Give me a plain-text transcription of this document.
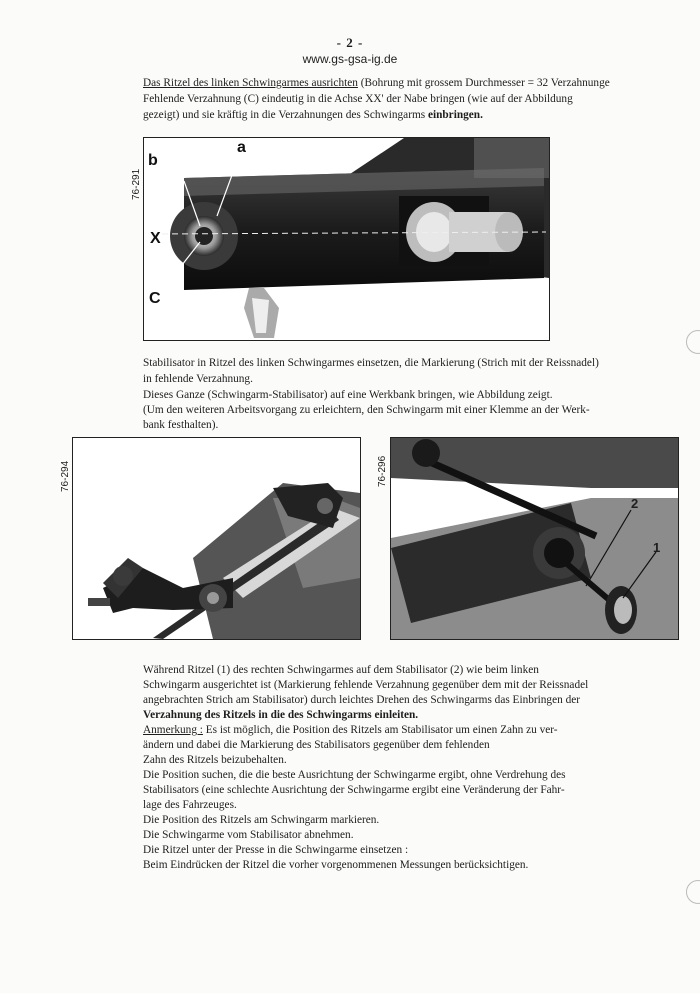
- 2 -
www.gs-gsa-ig.de
Das Ritzel des linken Schwingarmes ausrichten (Bohrung mit grossem Durchmesser = 32 Verzahnunge
Fehlende Verzahnung (C) eindeutig in die Achse XX' der Nabe bringen (wie auf der Abbildung
gezeigt) und sie kräftig in die Verzahnungen des Schwingarms einbringen.
76-291
b
a
X
C
Stabilisator in Ritzel des linken Schwingarmes einsetzen, die Markierung (Strich mit der Reissnadel)
in fehlende Verzahnung.
Dieses Ganze (Schwingarm-Stabilisator) auf eine Werkbank bringen, wie Abbildung zeigt.
(Um den weiteren Arbeitsvorgang zu erleichtern, den Schwingarm mit einer Klemme an der Werk-
bank festhalten).
76-294	76-296
2
1
Während Ritzel (1) des rechten Schwingarmes auf dem Stabilisator (2) wie beim linken
Schwingarm ausgerichtet ist (Markierung fehlende Verzahnung gegenüber dem mit der Reissnadel
angebrachten Strich am Stabilisator) durch leichtes Drehen des Schwingarms das Einbringen der
Verzahnung des Ritzels in die des Schwingarms einleiten.
Anmerkung : Es ist möglich, die Position des Ritzels am Stabilisator um einen Zahn zu ver-
ändern und dabei die Markierung des Stabilisators gegenüber dem fehlenden
Zahn des Ritzels beizubehalten.
Die Position suchen, die die beste Ausrichtung der Schwingarme ergibt, ohne Verdrehung des
Stabilisators (eine schlechte Ausrichtung der Schwingarme ergibt eine Veränderung der Fahr-
lage des Fahrzeuges.
Die Position des Ritzels am Schwingarm markieren.
Die Schwingarme vom Stabilisator abnehmen.
Die Ritzel unter der Presse in die Schwingarme einsetzen :
Beim Eindrücken der Ritzel die vorher vorgenommenen Messungen berücksichtigen.
